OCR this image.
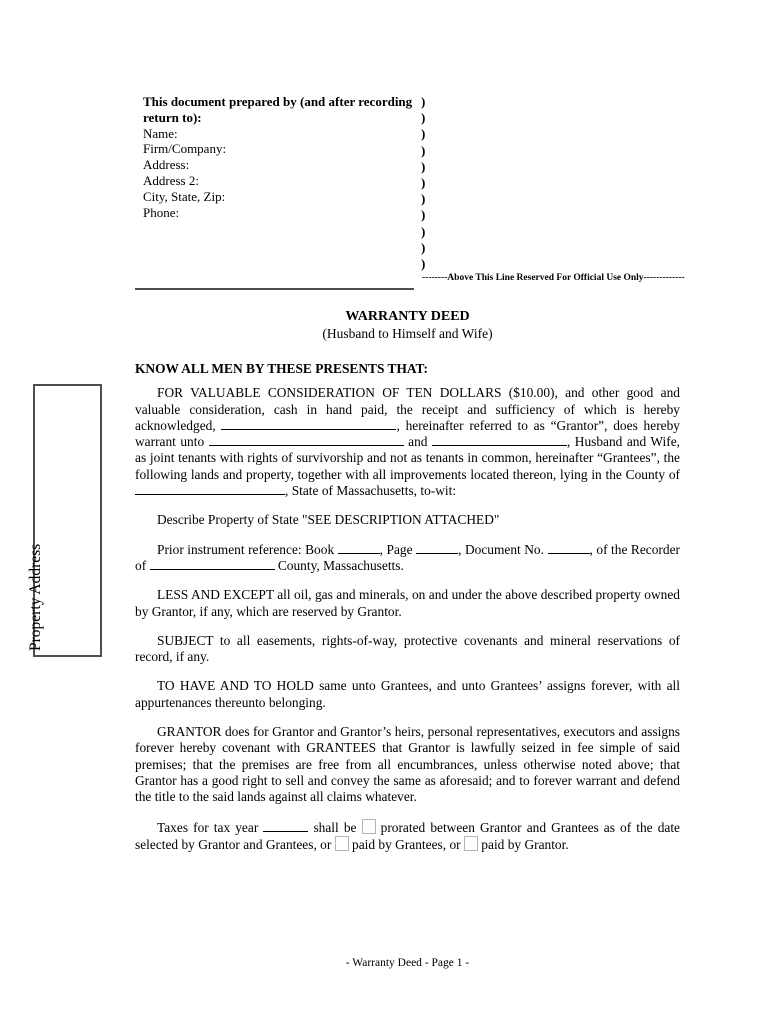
This document prepared by (and after recording return to):
Name:
Firm/Company:
Address:
Address 2:
City, State, Zip:
Phone:
)
)
)
)
)
)
)
)
)
)
)
--------Above This Line Reserved For Official Use Only-------------
WARRANTY DEED
(Husband to Himself and Wife)
Property Address

KNOW ALL MEN BY THESE PRESENTS THAT:

FOR VALUABLE CONSIDERATION OF TEN DOLLARS ($10.00), and other good and valuable consideration, cash in hand paid, the receipt and sufficiency of which is hereby acknowledged,	, hereinafter referred to as “Grantor”, does hereby warrant unto	and	, Husband and Wife, as joint tenants with rights of survivorship and not as tenants in common, hereinafter “Grantees”, the following lands and property, together with all improvements located thereon, lying in the County of , State of Massachusetts, to-wit:

Describe Property of State "SEE DESCRIPTION ATTACHED"

Prior instrument reference: Book	, Page	, Document No.	, of the Recorder of	County, Massachusetts.

LESS AND EXCEPT all oil, gas and minerals, on and under the above described property owned by Grantor, if any, which are reserved by Grantor.

SUBJECT to all easements, rights-of-way, protective covenants and mineral reservations of record, if any.

TO HAVE AND TO HOLD same unto Grantees, and unto Grantees’ assigns forever, with all appurtenances thereunto belonging.

GRANTOR does for Grantor and Grantor’s heirs, personal representatives, executors and assigns forever hereby covenant with GRANTEES that Grantor is lawfully seized in fee simple of said premises; that the premises are free from all encumbrances, unless otherwise noted above; that Grantor has a good right to sell and convey the same as aforesaid; and to forever warrant and defend the title to the said lands against all claims whatever.

Taxes for tax year	shall be  prorated between Grantor and Grantees as of the date selected by Grantor and Grantees, or  paid by Grantees, or  paid by Grantor.

- Warranty Deed - Page 1 -
